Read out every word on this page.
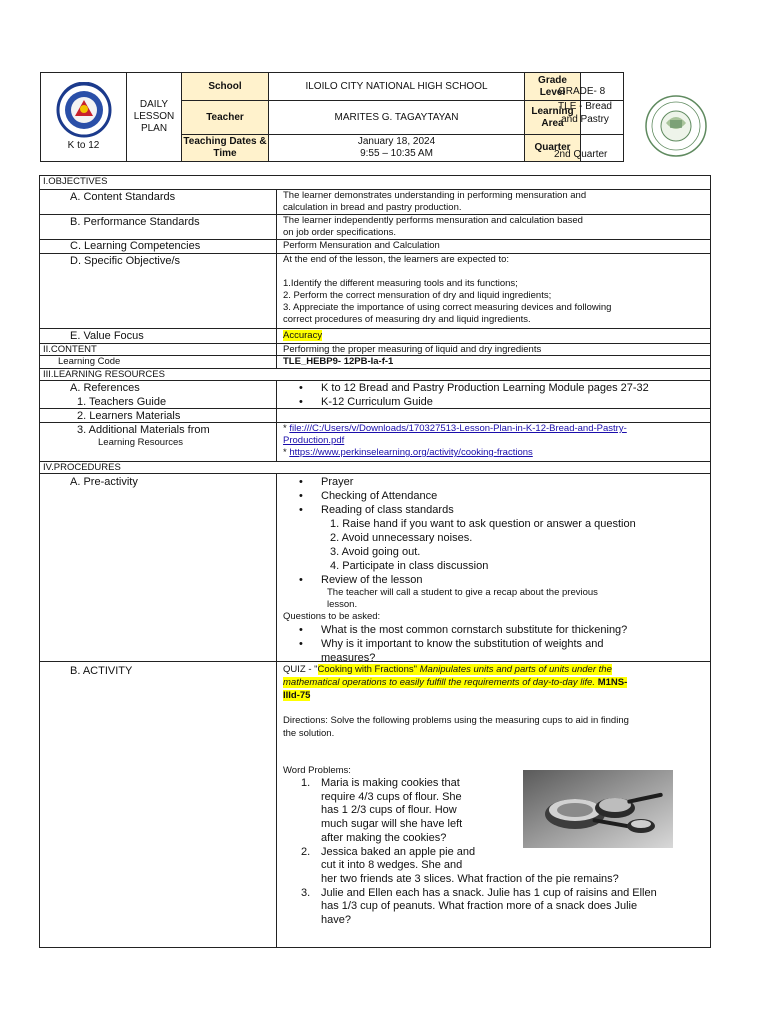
K to 12
DAILY LESSON PLAN
School	ILOILO CITY NATIONAL HIGH SCHOOL
Teacher	MARITES G. TAGAYTAYAN
Teaching Dates & Time
January 18, 2024
9:55 – 10:35 AM
Grade Level
Learning Area
Quarter
GRADE- 8
TLE - Bread and Pastry
2nd Quarter
I.OBJECTIVES
A. Content Standards	The learner demonstrates understanding in performing mensuration and
calculation in bread and pastry production.
B. Performance Standards	The learner independently performs mensuration and calculation based
on job order specifications.
C. Learning Competencies	Perform Mensuration and Calculation
D. Specific Objective/s	At the end of the lesson, the learners are expected to:
1.Identify the different measuring tools and its functions;
2. Perform the correct mensuration of dry and liquid ingredients;
3. Appreciate the importance of using correct measuring devices and following
correct procedures of measuring dry and liquid ingredients.
E. Value Focus	Accuracy
II.CONTENT	Performing the proper measuring of liquid and dry ingredients
Learning Code	TLE_HEBP9- 12PB-Ia-f-1
III.LEARNING RESOURCES
A. References
1. Teachers Guide
• K to 12 Bread and Pastry Production Learning Module pages 27-32
• K-12 Curriculum Guide
2. Learners Materials
3. Additional Materials from
Learning Resources
* file:///C:/Users/v/Downloads/170327513-Lesson-Plan-in-K-12-Bread-and-Pastry-
Production.pdf
* https://www.perkinselearning.org/activity/cooking-fractions
IV.PROCEDURES
A. Pre-activity
•	Prayer
• Checking of Attendance
• Reading of class standards
1. Raise hand if you want to ask question or answer a question
2. Avoid unnecessary noises.
3. Avoid going out.
4. Participate in class discussion
• Review of the lesson
The teacher will call a student to give a recap about the previous
lesson.
Questions to be asked:
• What is the most common cornstarch substitute for thickening?
• Why is it important to know the substitution of weights and
measures?
B. ACTIVITY	QUIZ - "Cooking with Fractions" Manipulates units and parts of units under the
mathematical operations to easily fulfill the requirements of day-to-day life. M1NS-
IIId-75
Directions: Solve the following problems using the measuring cups to aid in finding
the solution.
Word Problems:
1. Maria is making cookies that
require 4/3 cups of flour. She
has 1 2/3 cups of flour. How
much sugar will she have left
after making the cookies?
2. Jessica baked an apple pie and
cut it into 8 wedges. She and
her two friends ate 3 slices. What fraction of the pie remains?
3. Julie and Ellen each has a snack. Julie has 1 cup of raisins and Ellen
has 1/3 cup of peanuts. What fraction more of a snack does Julie
have?
